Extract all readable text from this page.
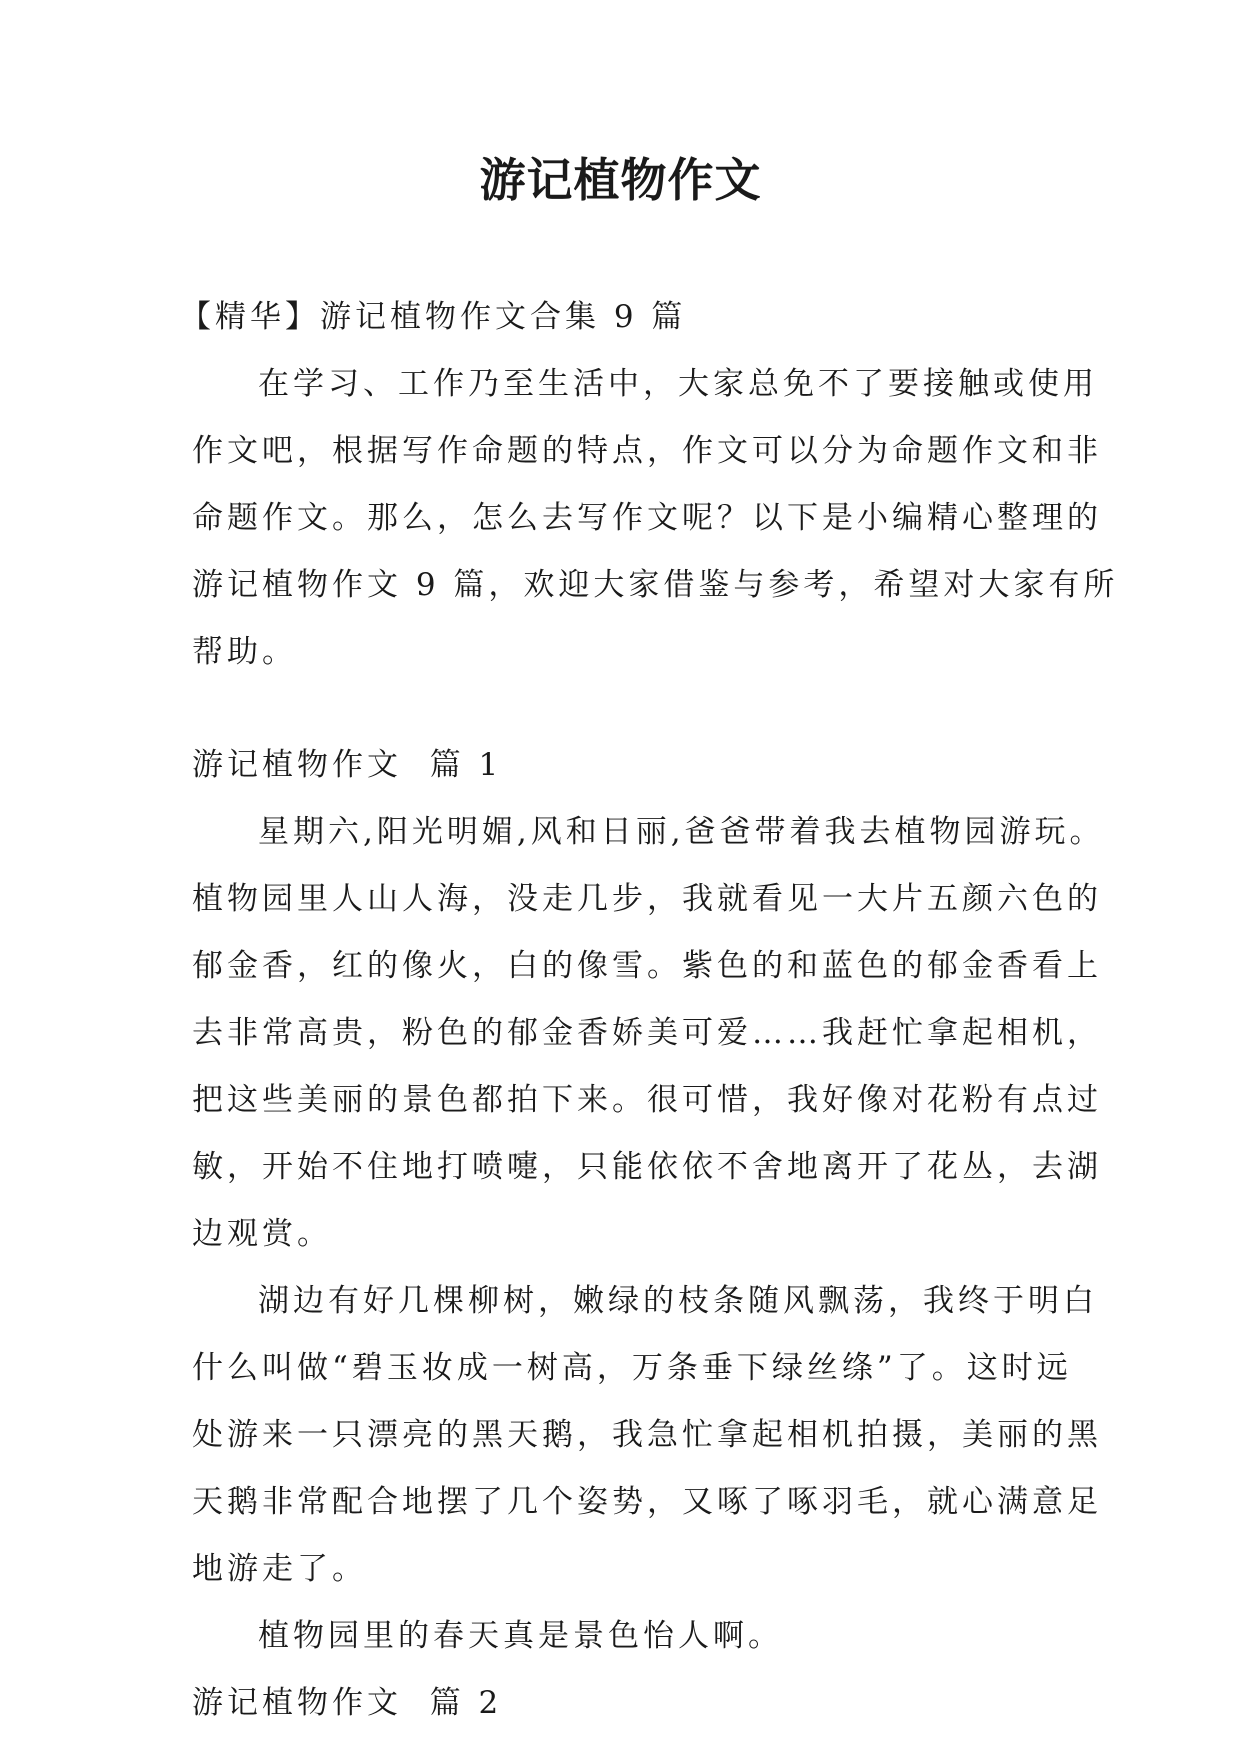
游记植物作文
【精华】游记植物作文合集 9 篇
在学习、工作乃至生活中，大家总免不了要接触或使用
作文吧，根据写作命题的特点，作文可以分为命题作文和非
命题作文。那么，怎么去写作文呢？以下是小编精心整理的
游记植物作文 9 篇，欢迎大家借鉴与参考，希望对大家有所
帮助。
游记植物作文  篇 1
星期六,阳光明媚,风和日丽,爸爸带着我去植物园游玩。
植物园里人山人海，没走几步，我就看见一大片五颜六色的
郁金香，红的像火，白的像雪。紫色的和蓝色的郁金香看上
去非常高贵，粉色的郁金香娇美可爱……我赶忙拿起相机，
把这些美丽的景色都拍下来。很可惜，我好像对花粉有点过
敏，开始不住地打喷嚏，只能依依不舍地离开了花丛，去湖
边观赏。
湖边有好几棵柳树，嫩绿的枝条随风飘荡，我终于明白
什么叫做“碧玉妆成一树高，万条垂下绿丝绦”了。这时远
处游来一只漂亮的黑天鹅，我急忙拿起相机拍摄，美丽的黑
天鹅非常配合地摆了几个姿势，又啄了啄羽毛，就心满意足
地游走了。
植物园里的春天真是景色怡人啊。
游记植物作文  篇 2
